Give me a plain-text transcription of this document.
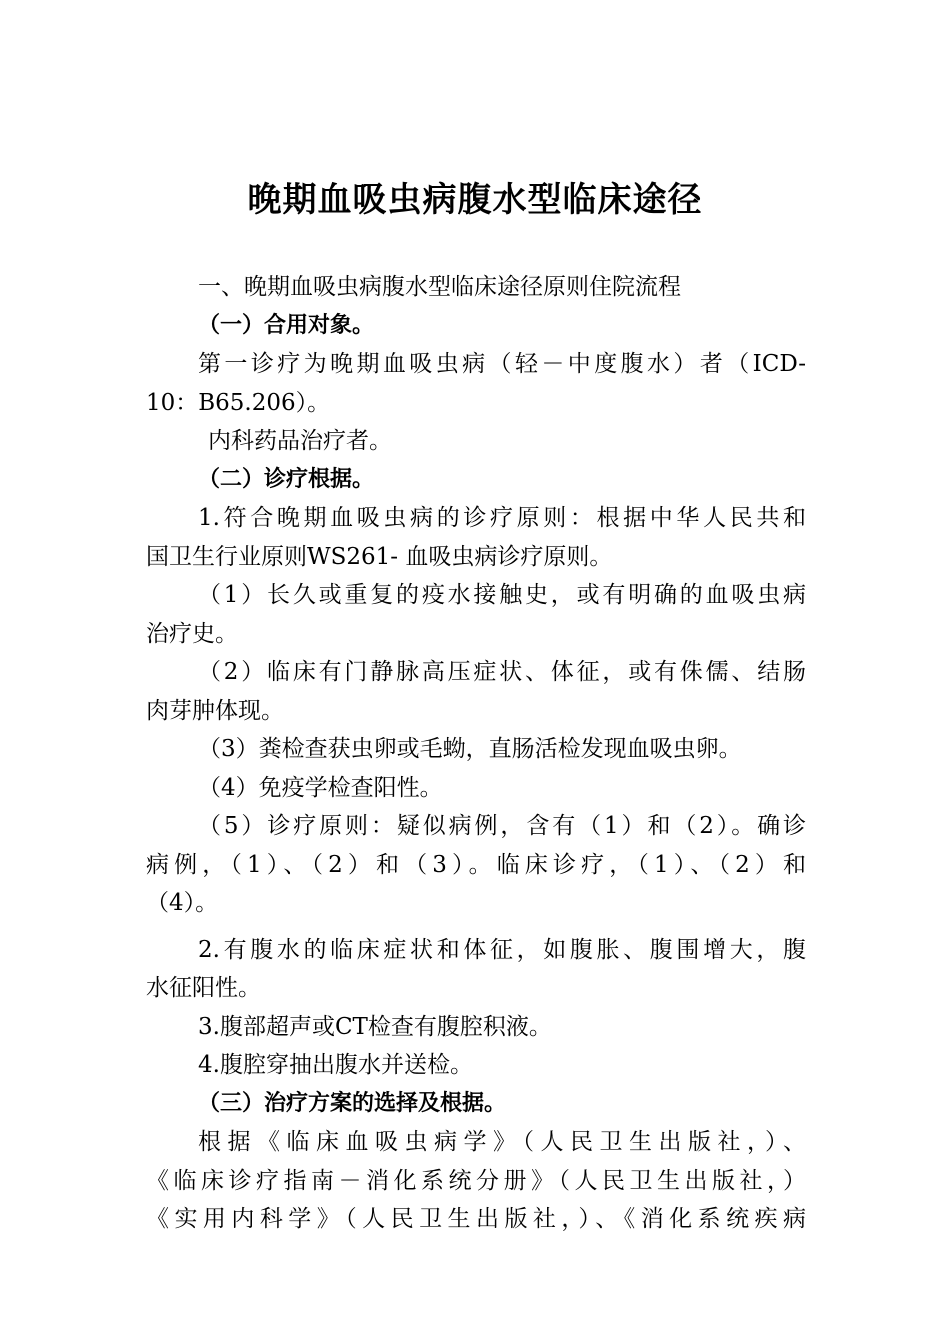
晚期血吸虫病腹水型临床途径
一、晚期血吸虫病腹水型临床途径原则住院流程
（一）合用对象。
第一诊疗为晚期血吸虫病（轻－中度腹水）者（ICD-
10：B65.206）。
内科药品治疗者。
（二）诊疗根据。
1.符合晚期血吸虫病的诊疗原则：根据中华人民共和
国卫生行业原则WS261- 血吸虫病诊疗原则。
（1）长久或重复的疫水接触史，或有明确的血吸虫病
治疗史。
（2）临床有门静脉高压症状、体征，或有侏儒、结肠
肉芽肿体现。
（3）粪检查获虫卵或毛蚴，直肠活检发现血吸虫卵。
（4）免疫学检查阳性。
（5）诊疗原则：疑似病例，含有（1）和（2）。确诊
病例，（1）、（2）和（3）。临床诊疗，（1）、（2）和
（4）。
2.有腹水的临床症状和体征，如腹胀、腹围增大，腹
水征阳性。
3.腹部超声或CT检查有腹腔积液。
4.腹腔穿抽出腹水并送检。
（三）治疗方案的选择及根据。
根据《临床血吸虫病学》（人民卫生出版社，）、
《临床诊疗指南－消化系统分册》（人民卫生出版社，）
《实用内科学》（人民卫生出版社，）、《消化系统疾病
